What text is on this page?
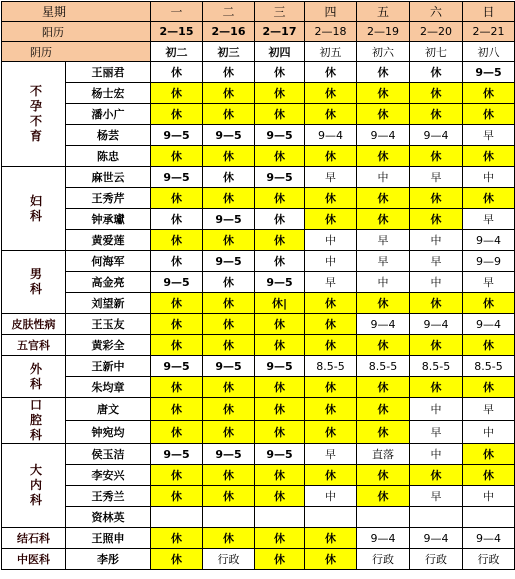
星期		一	二	三	四	五	六	日
阳历		2—15	2—16	2—17	2—18	2—19	2—20	2—21
阴历		初二	初三	初四	初五	初六	初七	初八
不孕不育	王丽君	休	休	休	休	休	休	9—5
	杨士宏	休	休	休	休	休	休	休
	潘小广	休	休	休	休	休	休	休
	杨芸	9—5	9—5	9—5	9—4	9—4	9—4	早
	陈忠	休	休	休	休	休	休	休
妇科	麻世云	9—5	休	9—5	早	中	早	中
	王秀芹	休	休	休	休	休	休	休
	钟承瓛	休	9—5	休	休	休	休	早
	黄爱莲	休	休	休	中	早	中	9—4
男科	何海军	休	9—5	休	中	早	早	9—9
	高金亮	9—5	休	9—5	早	中	中	早
	刘望新	休	休	休|	休	休	休	休
皮肤性病	王玉友	休	休	休	休	9—4	9—4	9—4
五官科	黄彩全	休	休	休	休	休	休	休
外科	王新中	9—5	9—5	9—5	8.5-5	8.5-5	8.5-5	8.5-5
	朱均章	休	休	休	休	休	休	休
口腔科	唐文	休	休	休	休	休	中	早
	钟宛均	休	休	休	休	休	早	中
大内科	侯玉洁	9—5	9—5	9—5	早	直落	中	休
	李安兴	休	休	休	休	休	休	休
	王秀兰	休	休	休	中	休	早	中
	资林英							
结石科	王照申	休	休	休	休	9—4	9—4	9—4
中医科	李彤	休	行政	休	休	行政	行政	行政
